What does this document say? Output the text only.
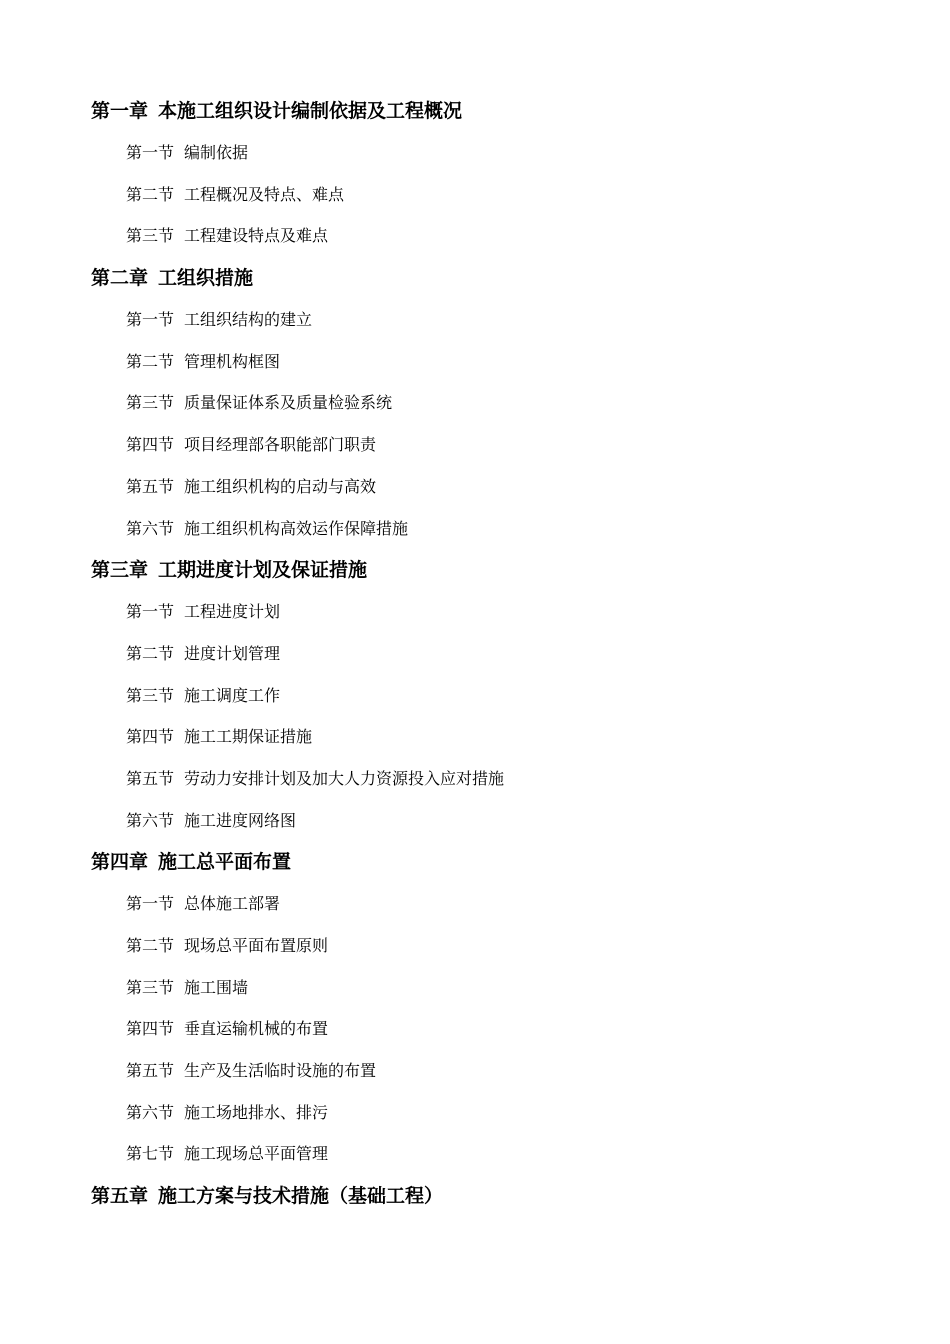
第一章 本施工组织设计编制依据及工程概况
第一节 编制依据
第二节 工程概况及特点、难点
第三节 工程建设特点及难点
第二章 工组织措施
第一节 工组织结构的建立
第二节 管理机构框图
第三节 质量保证体系及质量检验系统
第四节 项目经理部各职能部门职责
第五节 施工组织机构的启动与高效
第六节 施工组织机构高效运作保障措施
第三章 工期进度计划及保证措施
第一节 工程进度计划
第二节 进度计划管理
第三节 施工调度工作
第四节 施工工期保证措施
第五节 劳动力安排计划及加大人力资源投入应对措施
第六节 施工进度网络图
第四章 施工总平面布置
第一节 总体施工部署
第二节 现场总平面布置原则
第三节 施工围墙
第四节 垂直运输机械的布置
第五节 生产及生活临时设施的布置
第六节 施工场地排水、排污
第七节 施工现场总平面管理
第五章 施工方案与技术措施（基础工程）
